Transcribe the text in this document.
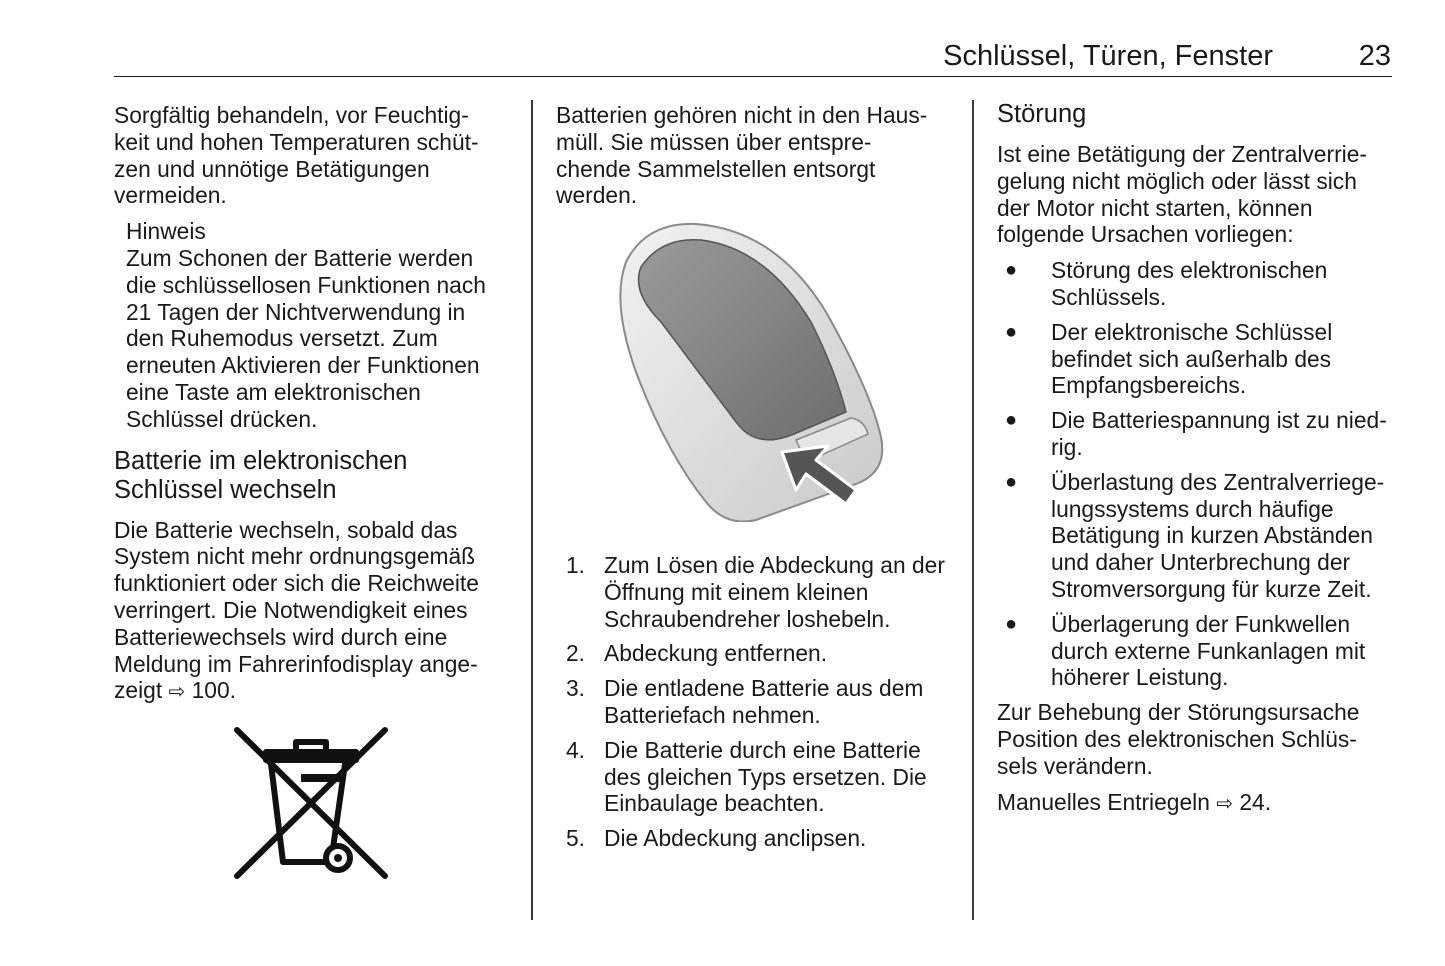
Schlüssel, Türen, Fenster	23

Sorgfältig behandeln, vor Feuchtig-
keit und hohen Temperaturen schüt-
zen und unnötige Betätigungen
vermeiden.

Hinweis

Zum Schonen der Batterie werden
die schlüssellosen Funktionen nach
21 Tagen der Nichtverwendung in
den Ruhemodus versetzt. Zum
erneuten Aktivieren der Funktionen
eine Taste am elektronischen
Schlüssel drücken.

Batterie im elektronischen
Schlüssel wechseln

Die Batterie wechseln, sobald das
System nicht mehr ordnungsgemäß
funktioniert oder sich die Reichweite
verringert. Die Notwendigkeit eines
Batteriewechsels wird durch eine
Meldung im Fahrerinfodisplay ange-
zeigt ⇨ 100.

Batterien gehören nicht in den Haus-
müll. Sie müssen über entspre-
chende Sammelstellen entsorgt
werden.

1. Zum Lösen die Abdeckung an der
Öffnung mit einem kleinen
Schraubendreher loshebeln.
2. Abdeckung entfernen.
3. Die entladene Batterie aus dem
Batteriefach nehmen.
4. Die Batterie durch eine Batterie
des gleichen Typs ersetzen. Die
Einbaulage beachten.
5. Die Abdeckung anclipsen.
Störung

Ist eine Betätigung der Zentralverrie-
gelung nicht möglich oder lässt sich
der Motor nicht starten, können
folgende Ursachen vorliegen:

●	Störung des elektronischen
Schlüssels.
●	Der elektronische Schlüssel
befindet sich außerhalb des
Empfangsbereichs.
●	Die Batteriespannung ist zu nied-
rig.
●	Überlastung des Zentralverriege-
lungssystems durch häufige
Betätigung in kurzen Abständen
und daher Unterbrechung der
Stromversorgung für kurze Zeit.
●	Überlagerung der Funkwellen
durch externe Funkanlagen mit
höherer Leistung.

Zur Behebung der Störungsursache
Position des elektronischen Schlüs-
sels verändern.

Manuelles Entriegeln ⇨ 24.
